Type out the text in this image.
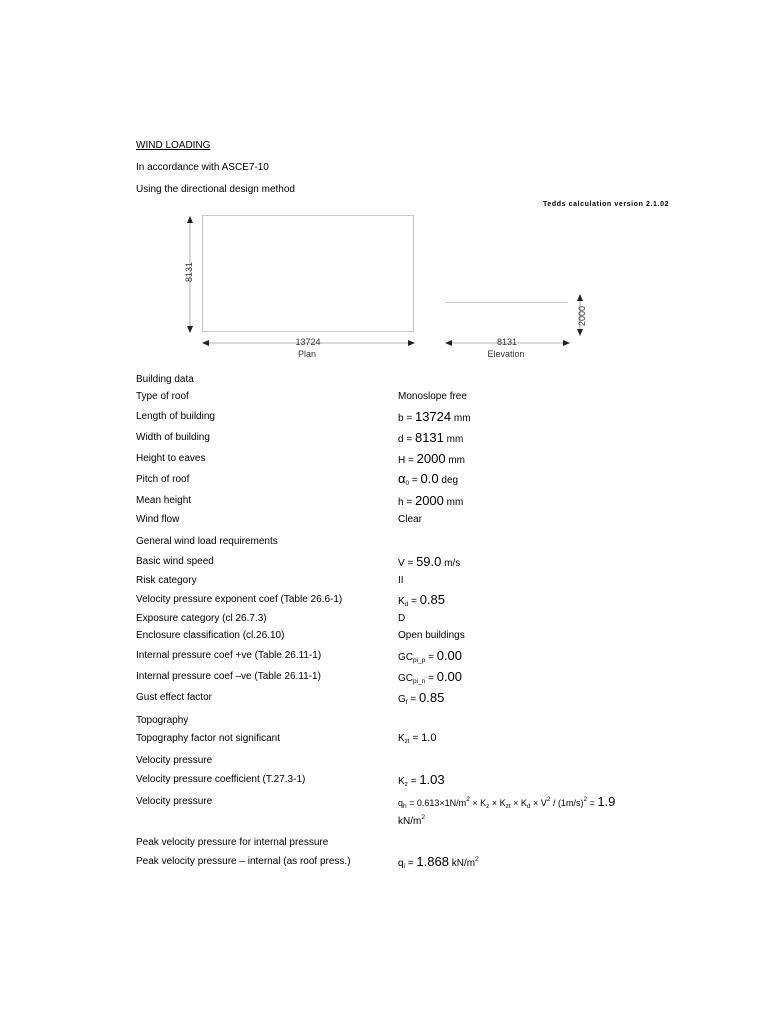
WIND LOADING
In accordance with ASCE7-10
Using the directional design method
Tedds calculation version 2.1.02
8131
13724
Plan
2000
8131
Elevation
Building data
Type of roof	Monoslope free
Length of building	b = 13724 mm
Width of building	d = 8131 mm
Height to eaves	H = 2000 mm
Pitch of roof	$\alpha_0 = 0.0$ deg
Mean height	h = 2000 mm
Wind flow	Clear
General wind load requirements
Basic wind speed	V = 59.0 m/s
Risk category	II
Velocity pressure exponent coef (Table 26.6-1)	$K_d = 0.85$
Exposure category (cl 26.7.3)	D
Enclosure classification (cl.26.10)	Open buildings
Internal pressure coef +ve (Table 26.11-1)	$GC_{pi\_p} = 0.00$
Internal pressure coef –ve (Table 26.11-1)	$GC_{pi\_n} = 0.00$
Gust effect factor	$G_f = 0.85$
Topography
Topography factor not significant	$K_{zt} = 1.0$
Velocity pressure
Velocity pressure coefficient (T.27.3-1)	$K_z = 1.03$
Velocity pressure	$q_h = 0.613\times 1N/m^2 \times K_z \times K_{zt} \times K_d \times V^2 / (1m/s)^2 = 1.9$
$kN/m^2$
Peak velocity pressure for internal pressure
Peak velocity pressure – internal (as roof press.)	$q_i = 1.868$ $kN/m^2$
